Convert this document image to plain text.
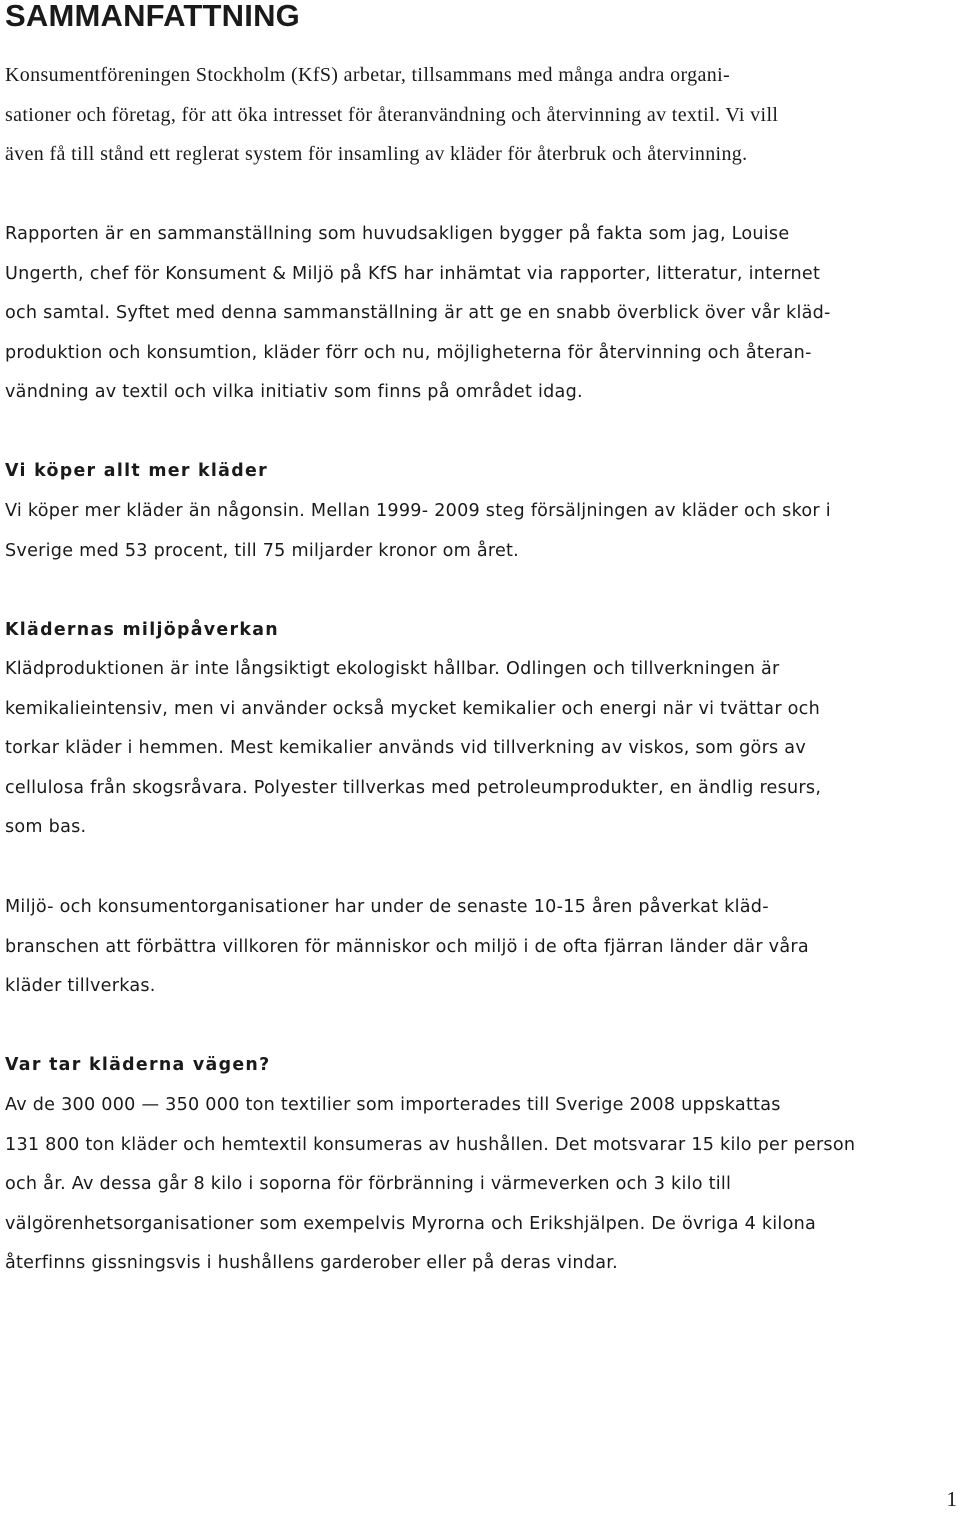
SAMMANFATTNING
Konsumentföreningen Stockholm (KfS) arbetar, tillsammans med många andra organi-
sationer och företag, för att öka intresset för återanvändning och återvinning av textil. Vi vill
även få till stånd ett reglerat system för insamling av kläder för återbruk och återvinning.
Rapporten är en sammanställning som huvudsakligen bygger på fakta som jag, Louise
Ungerth, chef för Konsument & Miljö på KfS har inhämtat via rapporter, litteratur, internet
och samtal. Syftet med denna sammanställning är att ge en snabb överblick över vår kläd-
produktion och konsumtion, kläder förr och nu, möjligheterna för återvinning och återan-
vändning av textil och vilka initiativ som finns på området idag.
Vi köper allt mer kläder
Vi köper mer kläder än någonsin. Mellan 1999- 2009 steg försäljningen av kläder och skor i
Sverige med 53 procent, till 75 miljarder kronor om året.
Klädernas miljöpåverkan
Klädproduktionen är inte långsiktigt ekologiskt hållbar. Odlingen och tillverkningen är
kemikalieintensiv, men vi använder också mycket kemikalier och energi när vi tvättar och
torkar kläder i hemmen. Mest kemikalier används vid tillverkning av viskos, som görs av
cellulosa från skogsråvara. Polyester tillverkas med petroleumprodukter, en ändlig resurs,
som bas.
Miljö- och konsumentorganisationer har under de senaste 10-15 åren påverkat kläd-
branschen att förbättra villkoren för människor och miljö i de ofta fjärran länder där våra
kläder tillverkas.
Var tar kläderna vägen?
Av de 300 000 — 350 000 ton textilier som importerades till Sverige 2008 uppskattas
131 800 ton kläder och hemtextil konsumeras av hushållen. Det motsvarar 15 kilo per person
och år. Av dessa går 8 kilo i soporna för förbränning i värmeverken och 3 kilo till
välgörenhetsorganisationer som exempelvis Myrorna och Erikshjälpen. De övriga 4 kilona
återfinns gissningsvis i hushållens garderober eller på deras vindar.
1
